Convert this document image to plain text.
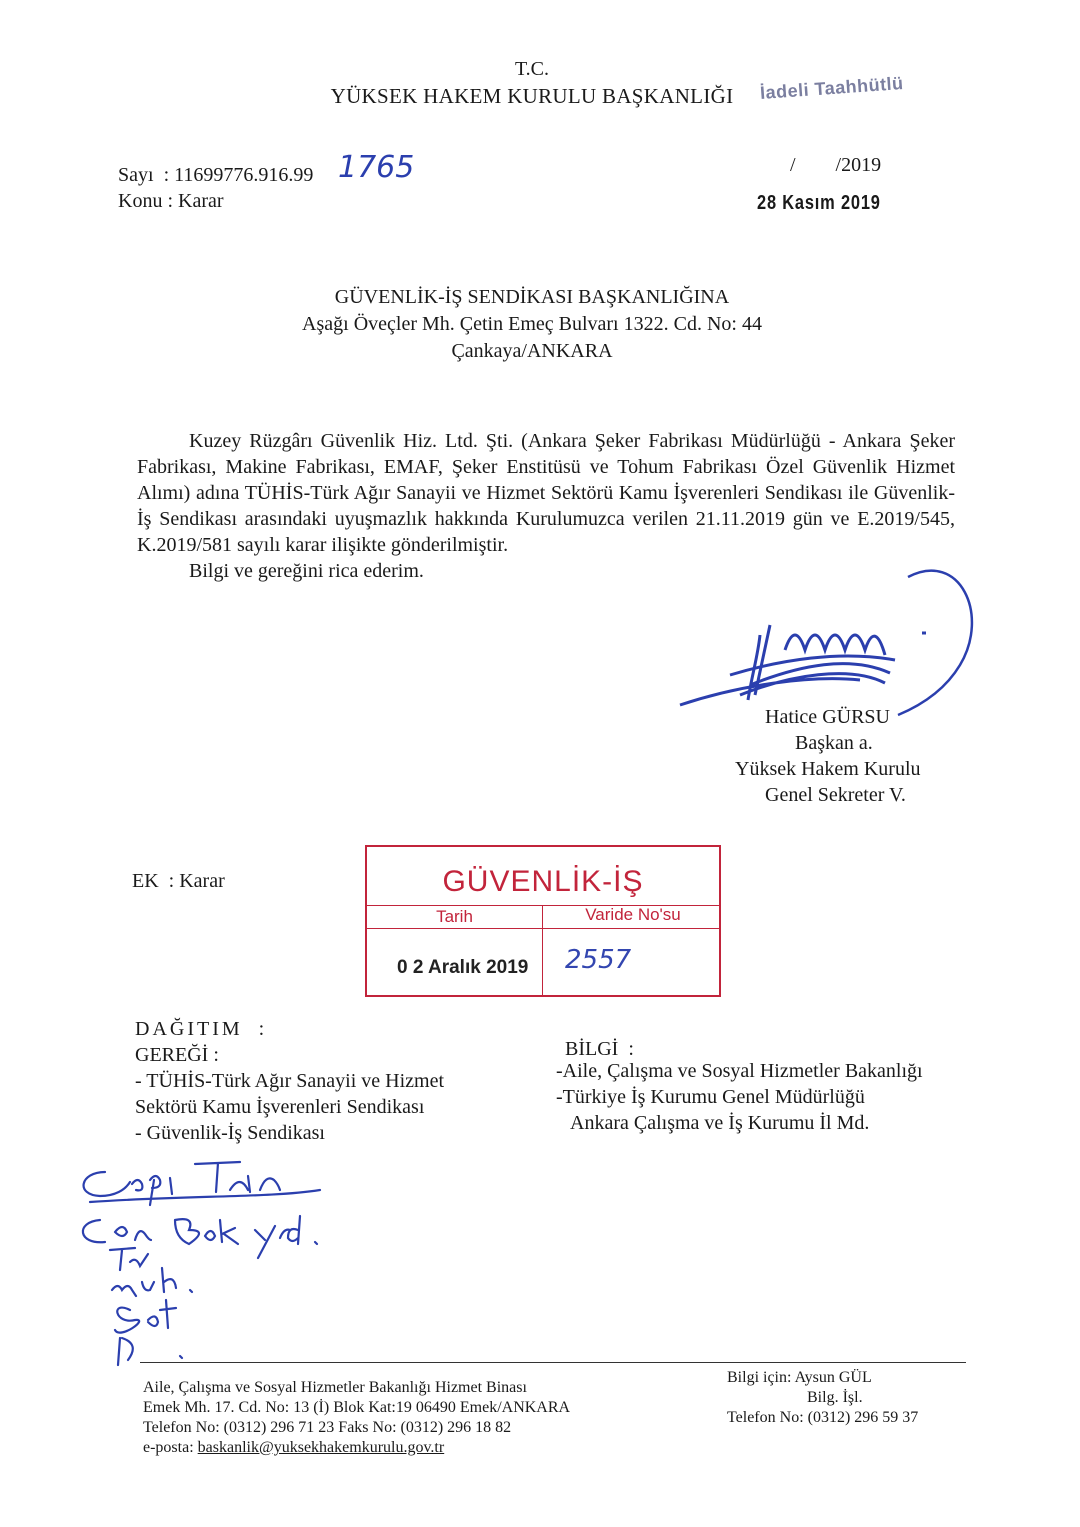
T.C.
YÜKSEK HAKEM KURULU BAŞKANLIĞI	İadeli Taahhütlü
Sayı  : 11699776.916.99 1765
Konu : Karar
/        /2019
28 Kasım 2019
GÜVENLİK-İŞ SENDİKASI BAŞKANLIĞINA
Aşağı Öveçler Mh. Çetin Emeç Bulvarı 1322. Cd. No: 44
Çankaya/ANKARA

Kuzey Rüzgârı Güvenlik Hiz. Ltd. Şti. (Ankara Şeker Fabrikası Müdürlüğü - Ankara Şeker Fabrikası, Makine Fabrikası, EMAF, Şeker Enstitüsü ve Tohum Fabrikası Özel Güvenlik Hizmet Alımı) adına TÜHİS-Türk Ağır Sanayii ve Hizmet Sektörü Kamu İşverenleri Sendikası ile Güvenlik-İş Sendikası arasındaki uyuşmazlık hakkında Kurulumuzca verilen 21.11.2019 gün ve E.2019/545, K.2019/581 sayılı karar ilişikte gönderilmiştir.

Bilgi ve gereğini rica ederim.

Hatice GÜRSU
Başkan a.
Yüksek Hakem Kurulu
Genel Sekreter V.
EK  : Karar	GÜVENLİK-İŞ
Tarih	Varide No'su
0 2 Aralık 2019 2557
DAĞITIM  :
GEREĞİ :
- TÜHİS-Türk Ağır Sanayii ve Hizmet
Sektörü Kamu İşverenleri Sendikası
- Güvenlik-İş Sendikası
BİLGİ  :
-Aile, Çalışma ve Sosyal Hizmetler Bakanlığı
-Türkiye İş Kurumu Genel Müdürlüğü
Ankara Çalışma ve İş Kurumu İl Md.
Aile, Çalışma ve Sosyal Hizmetler Bakanlığı Hizmet Binası
Emek Mh. 17. Cd. No: 13 (İ) Blok Kat:19 06490 Emek/ANKARA
Telefon No: (0312) 296 71 23 Faks No: (0312) 296 18 82
e-posta: baskanlik@yuksekhakemkurulu.gov.tr
Bilgi için: Aysun GÜL
Bilg. İşl.
Telefon No: (0312) 296 59 37
